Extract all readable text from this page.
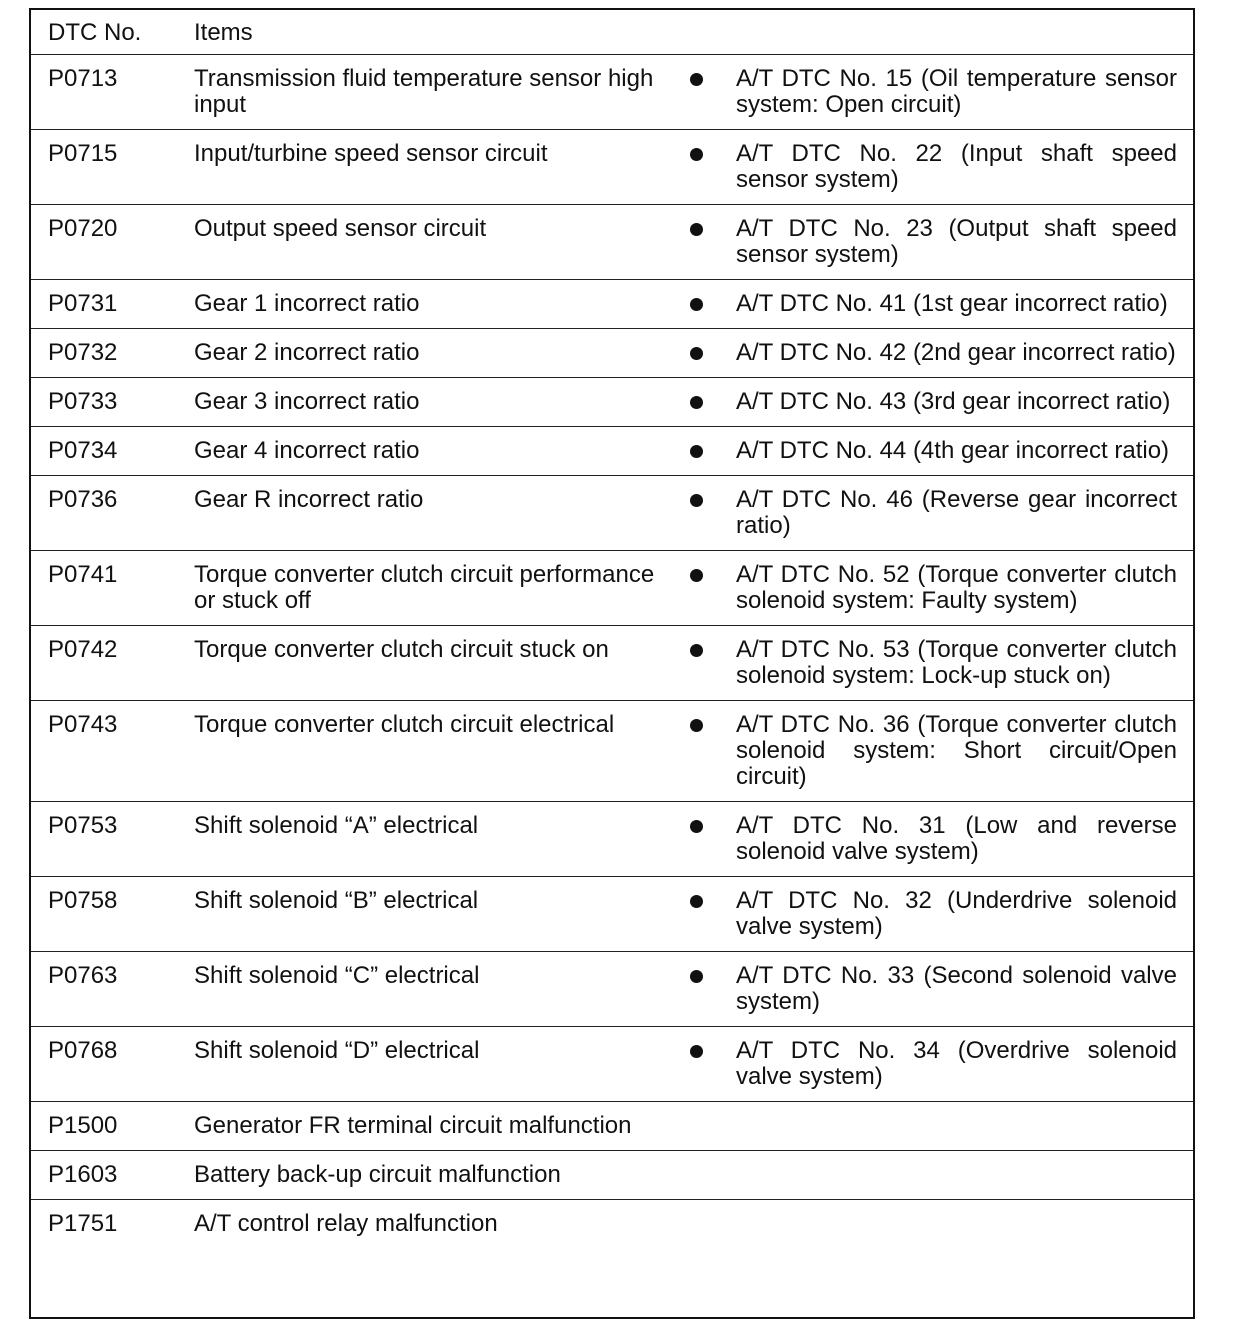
DTC No.	Items		
P0713	Transmission fluid temperature sensor high input		A/T DTC No. 15 (Oil temperature sensor system: Open circuit)
P0715	Input/turbine speed sensor circuit		A/T DTC No. 22 (Input shaft speed sensor system)
P0720	Output speed sensor circuit		A/T DTC No. 23 (Output shaft speed sensor system)
P0731	Gear 1 incorrect ratio		A/T DTC No. 41 (1st gear incorrect ratio)
P0732	Gear 2 incorrect ratio		A/T DTC No. 42 (2nd gear incorrect ratio)
P0733	Gear 3 incorrect ratio		A/T DTC No. 43 (3rd gear incorrect ratio)
P0734	Gear 4 incorrect ratio		A/T DTC No. 44 (4th gear incorrect ratio)
P0736	Gear R incorrect ratio		A/T DTC No. 46 (Reverse gear incorrect ratio)
P0741	Torque converter clutch circuit performance or stuck off		A/T DTC No. 52 (Torque converter clutch solenoid system: Faulty system)
P0742	Torque converter clutch circuit stuck on		A/T DTC No. 53 (Torque converter clutch solenoid system: Lock-up stuck on)
P0743	Torque converter clutch circuit electrical		A/T DTC No. 36 (Torque converter clutch solenoid system: Short circuit/Open circuit)
P0753	Shift solenoid “A” electrical		A/T DTC No. 31 (Low and reverse solenoid valve system)
P0758	Shift solenoid “B” electrical		A/T DTC No. 32 (Underdrive solenoid valve system)
P0763	Shift solenoid “C” electrical		A/T DTC No. 33 (Second solenoid valve system)
P0768	Shift solenoid “D” electrical		A/T DTC No. 34 (Overdrive solenoid valve system)
P1500	Generator FR terminal circuit malfunction		
P1603	Battery back-up circuit malfunction		
P1751	A/T control relay malfunction		
